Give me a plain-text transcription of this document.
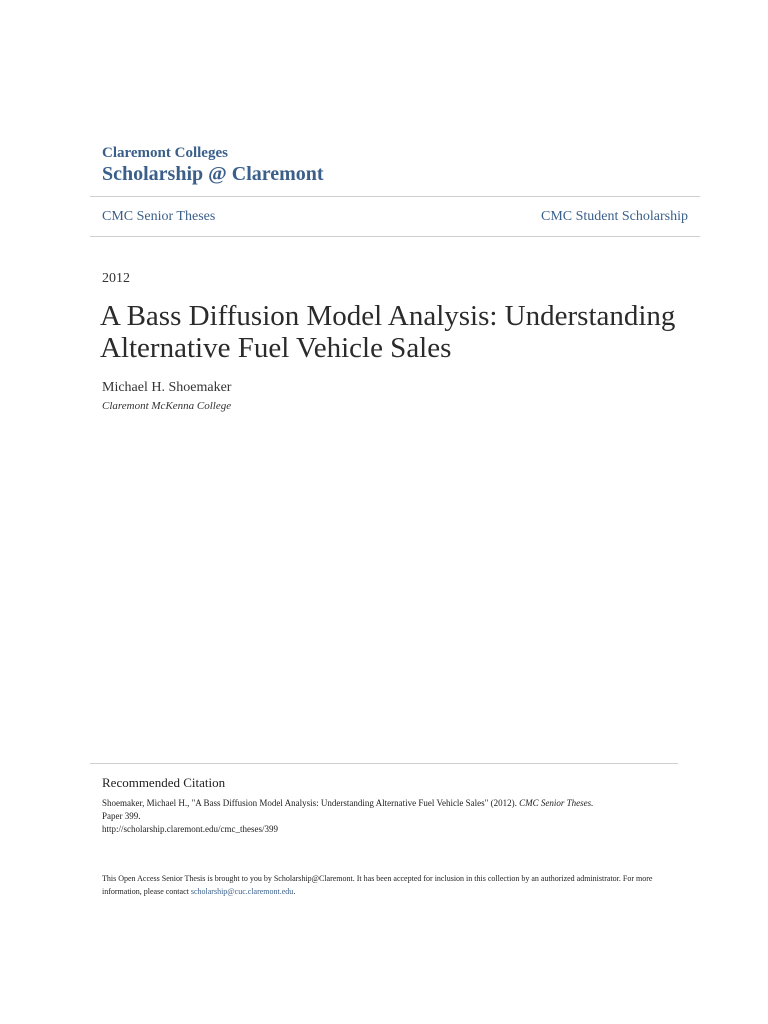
Claremont Colleges
Scholarship @ Claremont
CMC Senior Theses	CMC Student Scholarship
2012
A Bass Diffusion Model Analysis: Understanding Alternative Fuel Vehicle Sales
Michael H. Shoemaker
Claremont McKenna College
Recommended Citation
Shoemaker, Michael H., "A Bass Diffusion Model Analysis: Understanding Alternative Fuel Vehicle Sales" (2012). CMC Senior Theses.
Paper 399.
http://scholarship.claremont.edu/cmc_theses/399
This Open Access Senior Thesis is brought to you by Scholarship@Claremont. It has been accepted for inclusion in this collection by an authorized administrator. For more information, please contact scholarship@cuc.claremont.edu.
